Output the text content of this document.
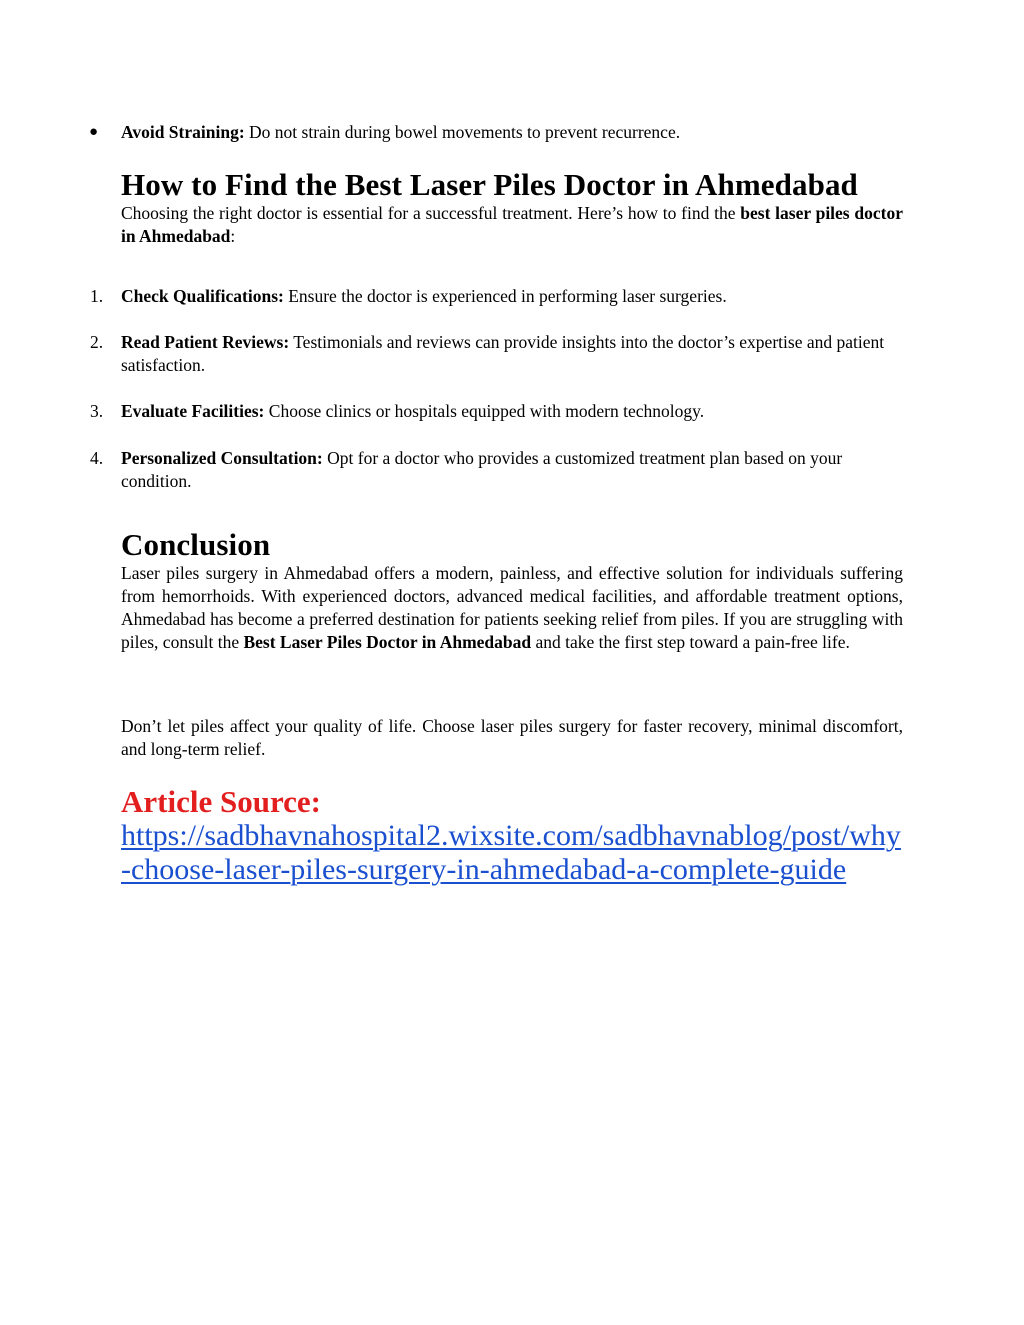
● Avoid Straining: Do not strain during bowel movements to prevent recurrence.
How to Find the Best Laser Piles Doctor in Ahmedabad

Choosing the right doctor is essential for a successful treatment. Here’s how to find the best laser piles doctor in Ahmedabad:

1. Check Qualifications: Ensure the doctor is experienced in performing laser surgeries.
2. Read Patient Reviews: Testimonials and reviews can provide insights into the doctor’s expertise and patient satisfaction.
3. Evaluate Facilities: Choose clinics or hospitals equipped with modern technology.
4. Personalized Consultation: Opt for a doctor who provides a customized treatment plan based on your condition.
Conclusion

Laser piles surgery in Ahmedabad offers a modern, painless, and effective solution for individuals suffering from hemorrhoids. With experienced doctors, advanced medical facilities, and affordable treatment options, Ahmedabad has become a preferred destination for patients seeking relief from piles. If you are struggling with piles, consult the Best Laser Piles Doctor in Ahmedabad and take the first step toward a pain-free life.

Don’t let piles affect your quality of life. Choose laser piles surgery for faster recovery, minimal discomfort, and long-term relief.

Article Source:
https://sadbhavnahospital2.wixsite.com/sadbhavnablog/post/why
-choose-laser-piles-surgery-in-ahmedabad-a-complete-guide
